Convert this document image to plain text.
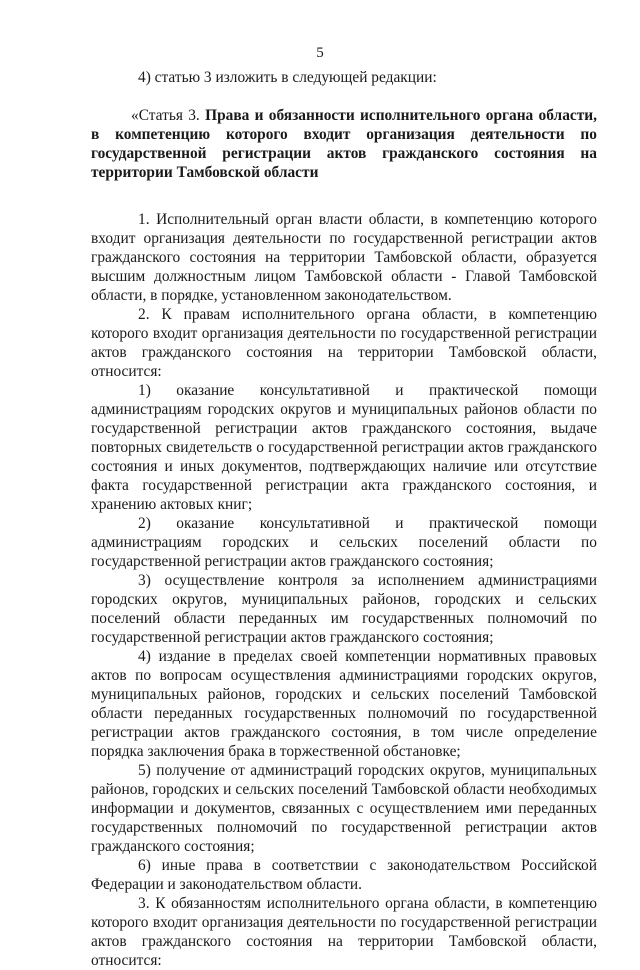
5

4) статью 3 изложить в следующей редакции:

«Статья 3. Права и обязанности исполнительного органа области, в компетенцию которого входит организация деятельности по государственной регистрации актов гражданского состояния на территории Тамбовской области

1. Исполнительный орган власти области, в компетенцию которого входит организация деятельности по государственной регистрации актов гражданского состояния на территории Тамбовской области, образуется высшим должностным лицом Тамбовской области - Главой Тамбовской области, в порядке, установленном законодательством.

2. К правам исполнительного органа области, в компетенцию которого входит организация деятельности по государственной регистрации актов гражданского состояния на территории Тамбовской области, относится:

1) оказание консультативной и практической помощи администрациям городских округов и муниципальных районов области по государственной регистрации актов гражданского состояния, выдаче повторных свидетельств о государственной регистрации актов гражданского состояния и иных документов, подтверждающих наличие или отсутствие факта государственной регистрации акта гражданского состояния, и хранению актовых книг;

2) оказание консультативной и практической помощи администрациям городских и сельских поселений области по государственной регистрации актов гражданского состояния;

3) осуществление контроля за исполнением администрациями городских округов, муниципальных районов, городских и сельских поселений области переданных им государственных полномочий по государственной регистрации актов гражданского состояния;

4) издание в пределах своей компетенции нормативных правовых актов по вопросам осуществления администрациями городских округов, муниципальных районов, городских и сельских поселений Тамбовской области переданных государственных полномочий по государственной регистрации актов гражданского состояния, в том числе определение порядка заключения брака в торжественной обстановке;

5) получение от администраций городских округов, муниципальных районов, городских и сельских поселений Тамбовской области необходимых информации и документов, связанных с осуществлением ими переданных государственных полномочий по государственной регистрации актов гражданского состояния;

6) иные права в соответствии с законодательством Российской Федерации и законодательством области.

3. К обязанностям исполнительного органа области, в компетенцию которого входит организация деятельности по государственной регистрации актов гражданского состояния на территории Тамбовской области, относится:
